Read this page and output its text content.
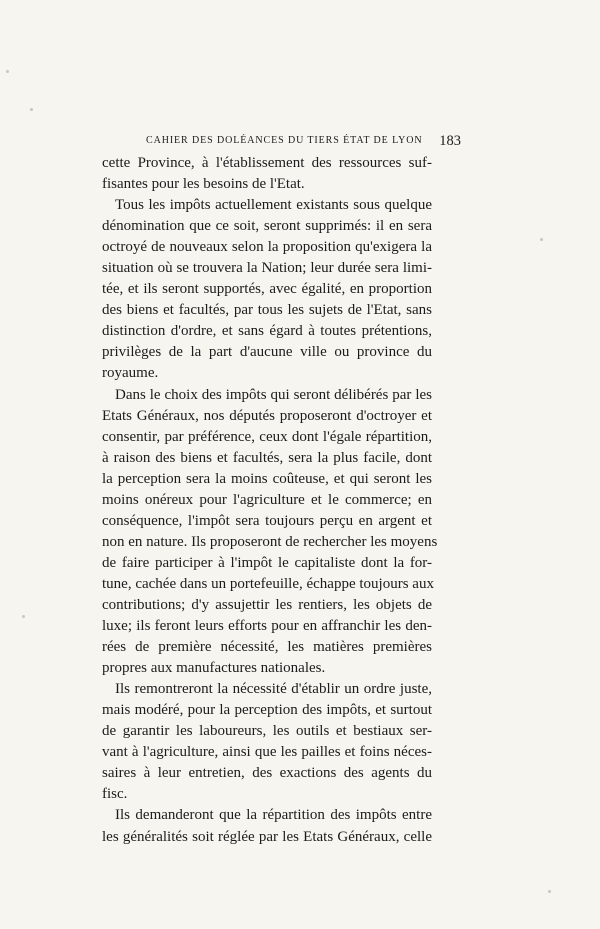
CAHIER DES DOLÉANCES DU TIERS ÉTAT DE LYON 183
cette Province, à l'établissement des ressources suf-
fisantes pour les besoins de l'Etat.
Tous les impôts actuellement existants sous quelque
dénomination que ce soit, seront supprimés: il en sera
octroyé de nouveaux selon la proposition qu'exigera la
situation où se trouvera la Nation; leur durée sera limi-
tée, et ils seront supportés, avec égalité, en proportion
des biens et facultés, par tous les sujets de l'Etat, sans
distinction d'ordre, et sans égard à toutes prétentions,
privilèges de la part d'aucune ville ou province du
royaume.
Dans le choix des impôts qui seront délibérés par les
Etats Généraux, nos députés proposeront d'octroyer et
consentir, par préférence, ceux dont l'égale répartition,
à raison des biens et facultés, sera la plus facile, dont
la perception sera la moins coûteuse, et qui seront les
moins onéreux pour l'agriculture et le commerce; en
conséquence, l'impôt sera toujours perçu en argent et
non en nature. Ils proposeront de rechercher les moyens
de faire participer à l'impôt le capitaliste dont la for-
tune, cachée dans un portefeuille, échappe toujours aux
contributions; d'y assujettir les rentiers, les objets de
luxe; ils feront leurs efforts pour en affranchir les den-
rées de première nécessité, les matières premières
propres aux manufactures nationales.
Ils remontreront la nécessité d'établir un ordre juste,
mais modéré, pour la perception des impôts, et surtout
de garantir les laboureurs, les outils et bestiaux ser-
vant à l'agriculture, ainsi que les pailles et foins néces-
saires à leur entretien, des exactions des agents du
fisc.
Ils demanderont que la répartition des impôts entre
les généralités soit réglée par les Etats Généraux, celle
